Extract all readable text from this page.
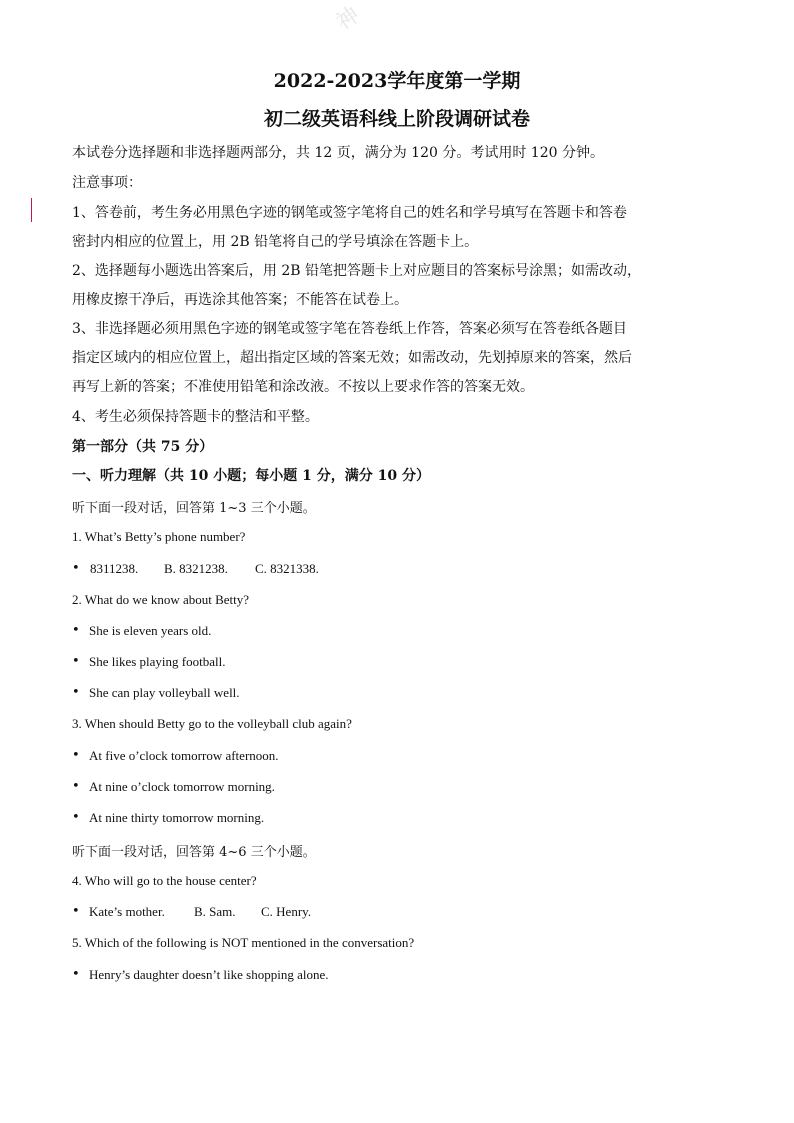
神
2022-2023学年度第一学期
初二级英语科线上阶段调研试卷
本试卷分选择题和非选择题两部分，共 12 页，满分为 120 分。考试用时 120 分钟。
注意事项：
1、答卷前，考生务必用黑色字迹的钢笔或签字笔将自己的姓名和学号填写在答题卡和答卷
密封内相应的位置上，用 2B 铅笔将自己的学号填涂在答题卡上。
2、选择题每小题选出答案后，用 2B 铅笔把答题卡上对应题目的答案标号涂黑；如需改动，
用橡皮擦干净后，再选涂其他答案；不能答在试卷上。
3、非选择题必须用黑色字迹的钢笔或签字笔在答卷纸上作答，答案必须写在答卷纸各题目
指定区域内的相应位置上，超出指定区域的答案无效；如需改动，先划掉原来的答案，然后
再写上新的答案；不准使用铅笔和涂改液。不按以上要求作答的答案无效。
4、考生必须保持答题卡的整洁和平整。
第一部分（共 75 分）
一、听力理解（共 10 小题；每小题 1 分，满分 10 分）
听下面一段对话，回答第 1~3 三个小题。
1. What’s Betty’s phone number?
• 8311238. B. 8321238. C. 8321338.
2. What do we know about Betty?
• She is eleven years old.
• She likes playing football.
• She can play volleyball well.
3. When should Betty go to the volleyball club again?
• At five o’clock tomorrow afternoon.
• At nine o’clock tomorrow morning.
• At nine thirty tomorrow morning.
听下面一段对话，回答第 4~6 三个小题。
4. Who will go to the house center?
• Kate’s mother. B. Sam. C. Henry.
5. Which of the following is NOT mentioned in the conversation?
• Henry’s daughter doesn’t like shopping alone.
